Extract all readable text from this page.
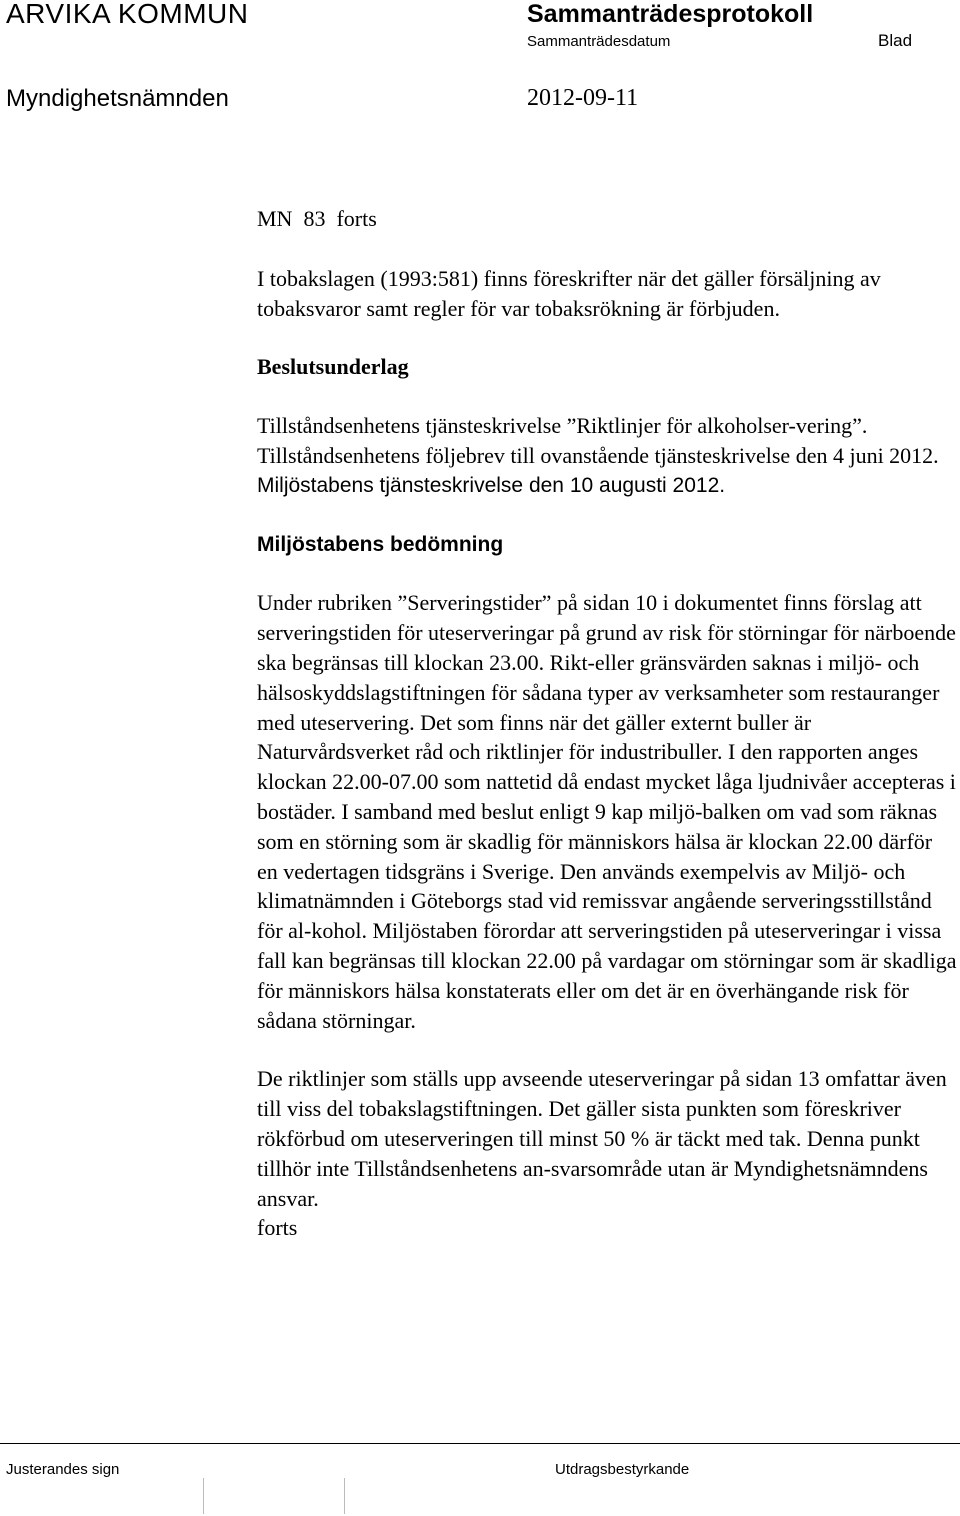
ARVIKA KOMMUN	Sammanträdesprotokoll
Sammanträdesdatum	Blad
Myndighetsnämnden	2012-09-11

MN  83  forts

I tobakslagen (1993:581) finns föreskrifter när det gäller försäljning av tobaksvaror samt regler för var tobaksrökning är förbjuden.

Beslutsunderlag

Tillståndsenhetens tjänsteskrivelse ”Riktlinjer för alkoholser-vering”.

Tillståndsenhetens följebrev till ovanstående tjänsteskrivelse den 4 juni 2012.

Miljöstabens tjänsteskrivelse den 10 augusti 2012.

Miljöstabens bedömning

Under rubriken ”Serveringstider” på sidan 10 i dokumentet finns förslag att serveringstiden för uteserveringar på grund av risk för störningar för närboende ska begränsas till klockan 23.00. Rikt-eller gränsvärden saknas i miljö- och hälsoskyddslagstiftningen för sådana typer av verksamheter som restauranger med uteservering. Det som finns när det gäller externt buller är Naturvårdsverket råd och riktlinjer för industribuller. I den rapporten anges klockan 22.00-07.00 som nattetid då endast mycket låga ljudnivåer accepteras i bostäder. I samband med beslut enligt 9 kap miljö-balken om vad som räknas som en störning som är skadlig för människors hälsa är klockan 22.00 därför en vedertagen tidsgräns i Sverige. Den används exempelvis av Miljö- och klimatnämnden i Göteborgs stad vid remissvar angående serveringsstillstånd för al-kohol. Miljöstaben förordar att serveringstiden på uteserveringar i vissa fall kan begränsas till klockan 22.00 på vardagar om störningar som är skadliga för människors hälsa konstaterats eller om det är en överhängande risk för sådana störningar.

De riktlinjer som ställs upp avseende uteserveringar på sidan 13 omfattar även till viss del tobakslagstiftningen. Det gäller sista punkten som föreskriver rökförbud om uteserveringen till minst 50 % är täckt med tak. Denna punkt tillhör inte Tillståndsenhetens an-svarsområde utan är Myndighetsnämndens ansvar.

forts

Justerandes sign	Utdragsbestyrkande
